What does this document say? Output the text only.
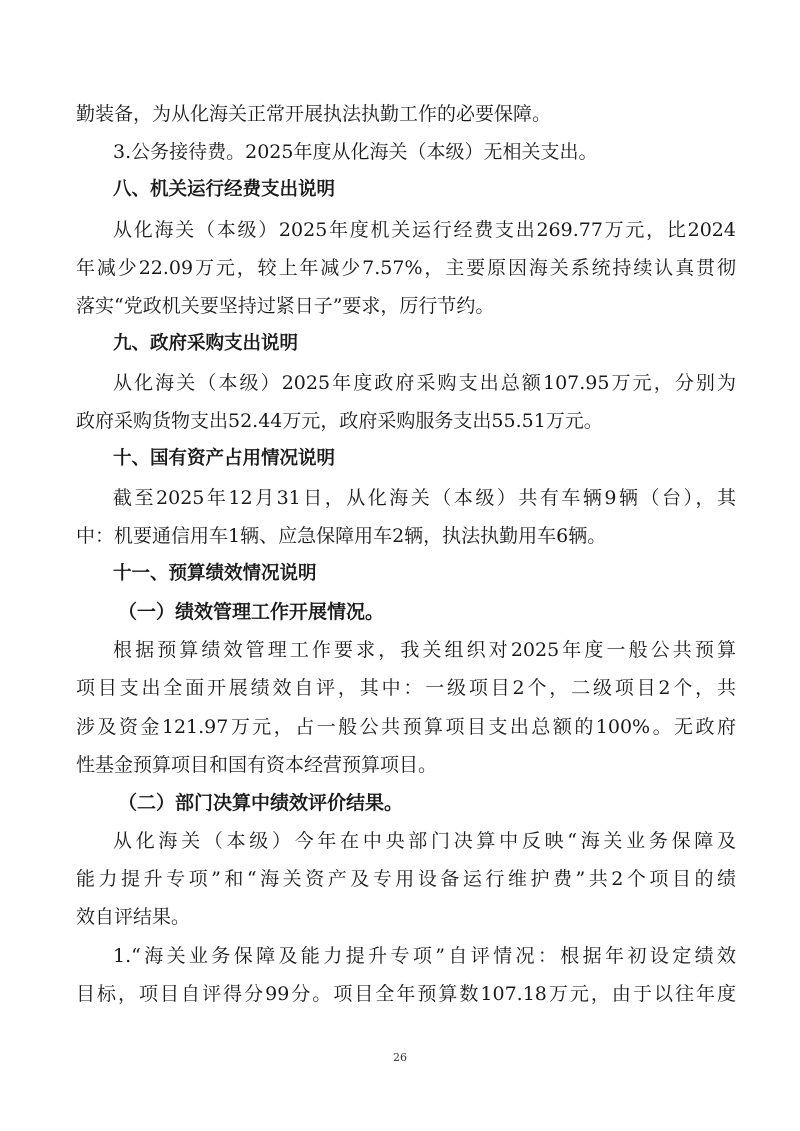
勤装备，为从化海关正常开展执法执勤工作的必要保障。
3.公务接待费。2025年度从化海关（本级）无相关支出。
八、机关运行经费支出说明
从化海关（本级）2025年度机关运行经费支出269.77万元，比2024
年减少22.09万元，较上年减少7.57%，主要原因海关系统持续认真贯彻
落实“党政机关要坚持过紧日子”要求，厉行节约。
九、政府采购支出说明
从化海关（本级）2025年度政府采购支出总额107.95万元，分别为
政府采购货物支出52.44万元，政府采购服务支出55.51万元。
十、国有资产占用情况说明
截至2025年12月31日，从化海关（本级）共有车辆9辆（台），其
中：机要通信用车1辆、应急保障用车2辆，执法执勤用车6辆。
十一、预算绩效情况说明
（一）绩效管理工作开展情况。
根据预算绩效管理工作要求，我关组织对2025年度一般公共预算
项目支出全面开展绩效自评，其中：一级项目2个，二级项目2个，共
涉及资金121.97万元，占一般公共预算项目支出总额的100%。无政府
性基金预算项目和国有资本经营预算项目。
（二）部门决算中绩效评价结果。
从化海关（本级）今年在中央部门决算中反映“海关业务保障及
能力提升专项”和“海关资产及专用设备运行维护费”共2个项目的绩
效自评结果。
1.“海关业务保障及能力提升专项”自评情况：根据年初设定绩效
目标，项目自评得分99分。项目全年预算数107.18万元，由于以往年度
26
